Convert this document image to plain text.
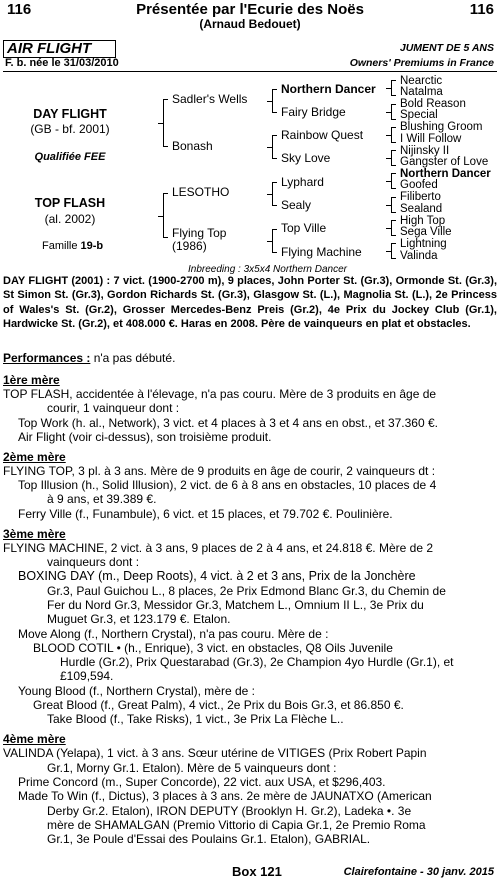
116	Présentée par l'Ecurie des Noës
(Arnaud Bedouet)
116
AIR FLIGHT	JUMENT DE 5 ANS
F. b. née le 31/03/2010	Owners' Premiums in France
DAY FLIGHT
(GB - bf. 2001)
Qualifiée FEE
TOP FLASH
(al. 2002)
Famille 19-b
Sadler's Wells
Bonash
LESOTHO
Flying Top
(1986)
Northern Dancer
Fairy Bridge
Rainbow Quest
Sky Love
Lyphard
Sealy
Top Ville
Flying Machine
Nearctic
Natalma
Bold Reason
Special
Blushing Groom
I Will Follow
Nijinsky II
Gangster of Love
Northern Dancer
Goofed
Filiberto
Sealand
High Top
Sega Ville
Lightning
Valinda
Inbreeding : 3x5x4 Northern Dancer
DAY FLIGHT (2001) : 7 vict. (1900-2700 m), 9 places, John Porter St. (Gr.3), Ormonde St. (Gr.3), St Simon St. (Gr.3), Gordon Richards St. (Gr.3), Glasgow St. (L.), Magnolia St. (L.), 2e Princess of Wales's St. (Gr.2), Grosser Mercedes-Benz Preis (Gr.2), 4e Prix du Jockey Club (Gr.1), Hardwicke St. (Gr.2), et 408.000 €. Haras en 2008. Père de vainqueurs en plat et obstacles.
Performances : n'a pas débuté.
1ère mère
TOP FLASH, accidentée à l'élevage, n'a pas couru. Mère de 3 produits en âge de
courir, 1 vainqueur dont :
Top Work (h. al., Network), 3 vict. et 4 places à 3 et 4 ans en obst., et 37.360 €.
Air Flight (voir ci-dessus), son troisième produit.
2ème mère
FLYING TOP, 3 pl. à 3 ans. Mère de 9 produits en âge de courir, 2 vainqueurs dt :
Top Illusion (h., Solid Illusion), 2 vict. de 6 à 8 ans en obstacles, 10 places de 4
à 9 ans, et 39.389 €.
Ferry Ville (f., Funambule), 6 vict. et 15 places, et 79.702 €. Poulinière.
3ème mère
FLYING MACHINE, 2 vict. à 3 ans, 9 places de 2 à 4 ans, et 24.818 €. Mère de 2
vainqueurs dont :
BOXING DAY (m., Deep Roots), 4 vict. à 2 et 3 ans, Prix de la Jonchère
Gr.3, Paul Guichou L., 8 places, 2e Prix Edmond Blanc Gr.3, du Chemin de
Fer du Nord Gr.3, Messidor Gr.3, Matchem L., Omnium II L., 3e Prix du
Muguet Gr.3, et 123.179 €. Etalon.
Move Along (f., Northern Crystal), n'a pas couru. Mère de :
BLOOD COTIL • (h., Enrique), 3 vict. en obstacles, Q8 Oils Juvenile
Hurdle (Gr.2), Prix Questarabad (Gr.3), 2e Champion 4yo Hurdle (Gr.1), et
£109,594.
Young Blood (f., Northern Crystal), mère de :
Great Blood (f., Great Palm), 4 vict., 2e Prix du Bois Gr.3, et 86.850 €.
Take Blood (f., Take Risks), 1 vict., 3e Prix La Flèche L..
4ème mère
VALINDA (Yelapa), 1 vict. à 3 ans. Sœur utérine de VITIGES (Prix Robert Papin
Gr.1, Morny Gr.1. Etalon). Mère de 5 vainqueurs dont :
Prime Concord (m., Super Concorde), 22 vict. aux USA, et $296,403.
Made To Win (f., Dictus), 3 places à 3 ans. 2e mère de JAUNATXO (American
Derby Gr.2. Etalon), IRON DEPUTY (Brooklyn H. Gr.2), Ladeka •. 3e
mère de SHAMALGAN (Premio Vittorio di Capia Gr.1, 2e Premio Roma
Gr.1, 3e Poule d'Essai des Poulains Gr.1. Etalon), GABRIAL.
Box 121	Clairefontaine - 30 janv. 2015
